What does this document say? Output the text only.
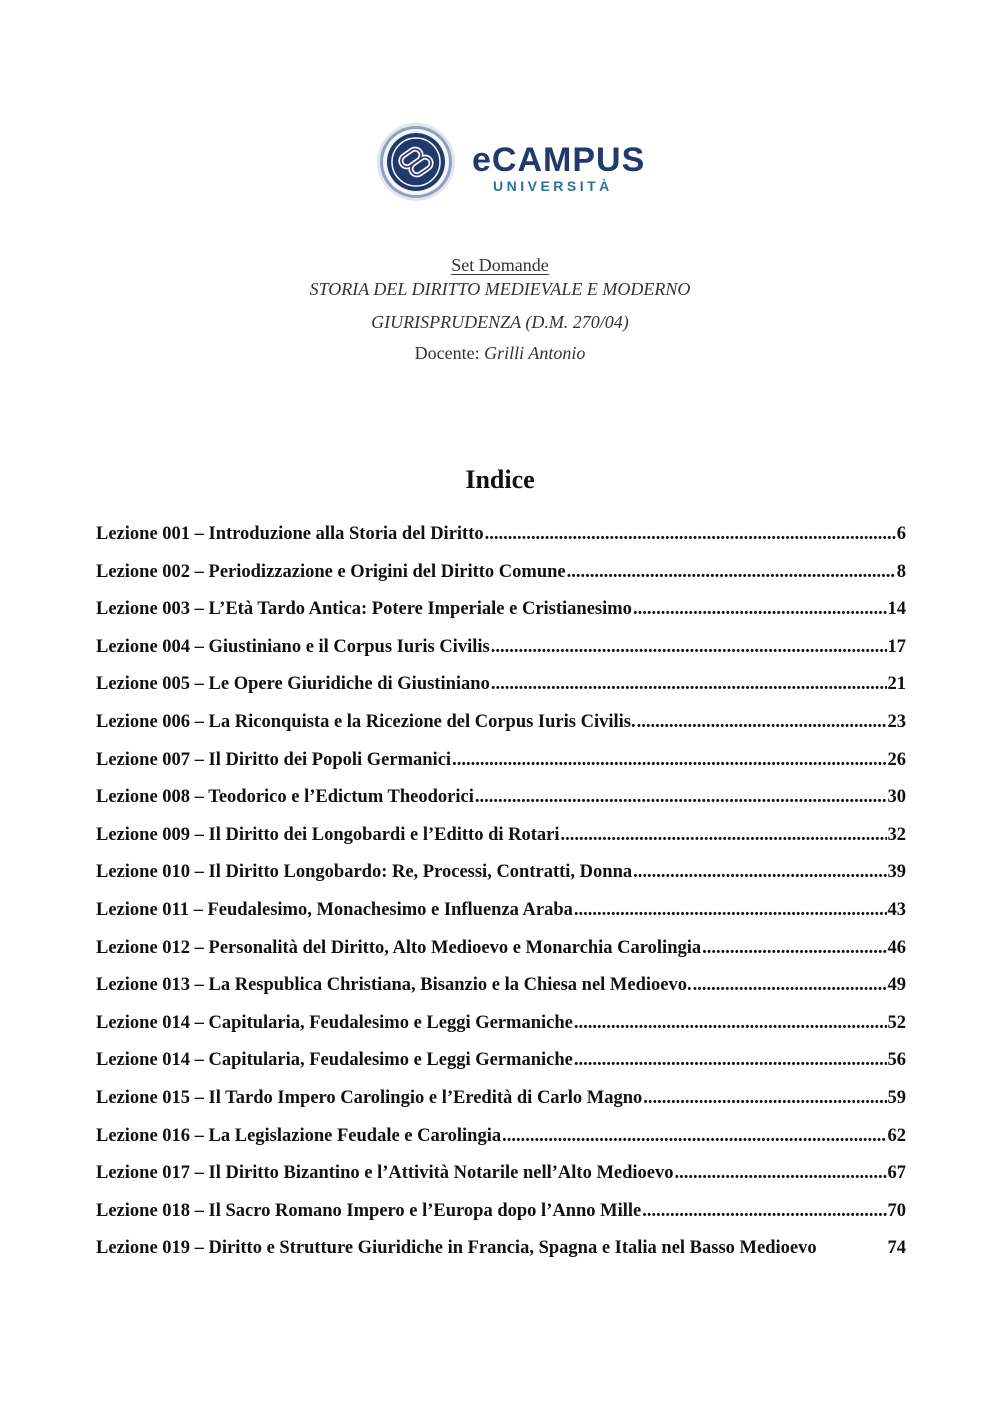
eCAMPUS
UNIVERSITÀ
Set Domande
STORIA DEL DIRITTO MEDIEVALE E MODERNO
GIURISPRUDENZA (D.M. 270/04)
Docente: Grilli Antonio
Indice
Lezione 001 – Introduzione alla Storia del Diritto .....	6
Lezione 002 – Periodizzazione e Origini del Diritto Comune .....	8
Lezione 003 – L’Età Tardo Antica: Potere Imperiale e Cristianesimo .....	14
Lezione 004 – Giustiniano e il Corpus Iuris Civilis .....	17
Lezione 005 – Le Opere Giuridiche di Giustiniano .....	21
Lezione 006 – La Riconquista e la Ricezione del Corpus Iuris Civilis. .....	23
Lezione 007 – Il Diritto dei Popoli Germanici .....	26
Lezione 008 – Teodorico e l’Edictum Theodorici .....	30
Lezione 009 – Il Diritto dei Longobardi e l’Editto di Rotari .....	32
Lezione 010 – Il Diritto Longobardo: Re, Processi, Contratti, Donna .....	39
Lezione 011 – Feudalesimo, Monachesimo e Influenza Araba .....	43
Lezione 012 – Personalità del Diritto, Alto Medioevo e Monarchia Carolingia .....	46
Lezione 013 – La Respublica Christiana, Bisanzio e la Chiesa nel Medioevo. .....	49
Lezione 014 – Capitularia, Feudalesimo e Leggi Germaniche .....	52
Lezione 014 – Capitularia, Feudalesimo e Leggi Germaniche .....	56
Lezione 015 – Il Tardo Impero Carolingio e l’Eredità di Carlo Magno .....	59
Lezione 016 – La Legislazione Feudale e Carolingia .....	62
Lezione 017 – Il Diritto Bizantino e l’Attività Notarile nell’Alto Medioevo .....	67
Lezione 018 – Il Sacro Romano Impero e l’Europa dopo l’Anno Mille .....	70
Lezione 019 – Diritto e Strutture Giuridiche in Francia, Spagna e Italia nel Basso Medioevo	74
